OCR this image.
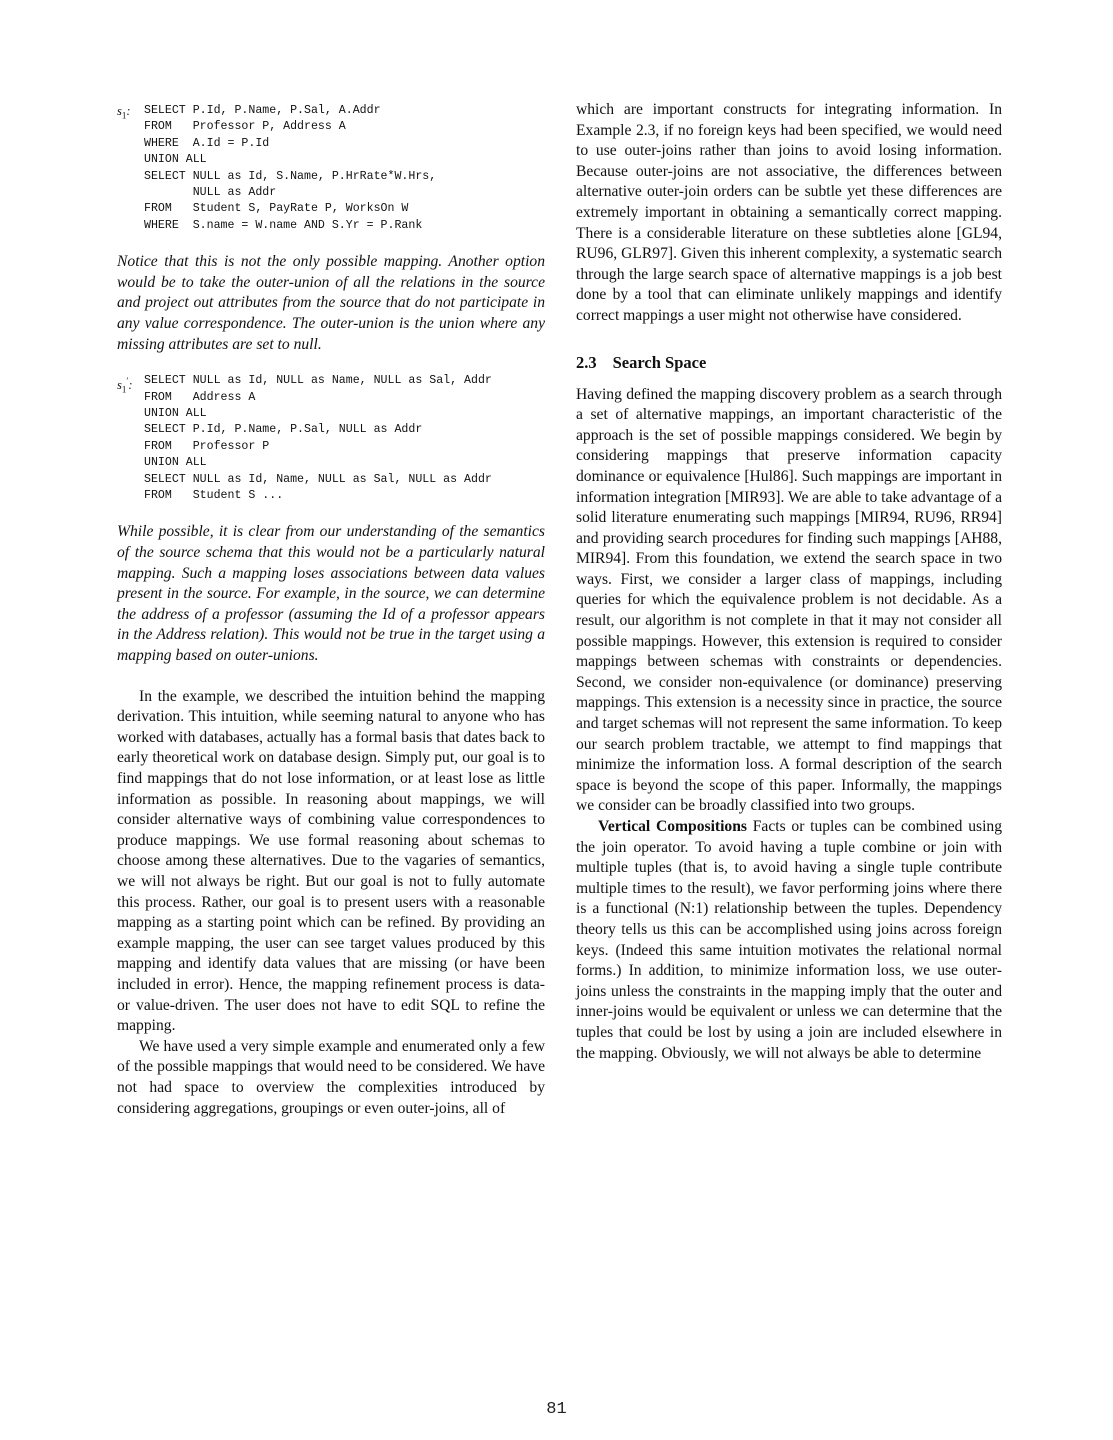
$s_1$: SELECT P.Id, P.Name, P.Sal, A.Addr
FROM   Professor P, Address A
WHERE  A.Id = P.Id
UNION ALL
SELECT NULL as Id, S.Name, P.HrRate*W.Hrs,
NULL as Addr
FROM   Student S, PayRate P, WorksOn W
WHERE  S.name = W.name AND S.Yr = P.Rank

Notice that this is not the only possible mapping. Another option would be to take the outer-union of all the relations in the source and project out attributes from the source that do not participate in any value correspondence. The outer-union is the union where any missing attributes are set to null.

$s_1'$: SELECT NULL as Id, NULL as Name, NULL as Sal, Addr
FROM   Address A
UNION ALL
SELECT P.Id, P.Name, P.Sal, NULL as Addr
FROM   Professor P
UNION ALL
SELECT NULL as Id, Name, NULL as Sal, NULL as Addr
FROM   Student S ...

While possible, it is clear from our understanding of the semantics of the source schema that this would not be a particularly natural mapping. Such a mapping loses associations between data values present in the source. For example, in the source, we can determine the address of a professor (assuming the Id of a professor appears in the Address relation). This would not be true in the target using a mapping based on outer-unions.

In the example, we described the intuition behind the mapping derivation. This intuition, while seeming natural to anyone who has worked with databases, actually has a formal basis that dates back to early theoretical work on database design. Simply put, our goal is to find mappings that do not lose information, or at least lose as little information as possible. In reasoning about mappings, we will consider alternative ways of combining value correspondences to produce mappings. We use formal reasoning about schemas to choose among these alternatives. Due to the vagaries of semantics, we will not always be right. But our goal is not to fully automate this process. Rather, our goal is to present users with a reasonable mapping as a starting point which can be refined. By providing an example mapping, the user can see target values produced by this mapping and identify data values that are missing (or have been included in error). Hence, the mapping refinement process is data- or value-driven. The user does not have to edit SQL to refine the mapping.

We have used a very simple example and enumerated only a few of the possible mappings that would need to be considered. We have not had space to overview the complexities introduced by considering aggregations, groupings or even outer-joins, all of

which are important constructs for integrating information. In Example 2.3, if no foreign keys had been specified, we would need to use outer-joins rather than joins to avoid losing information. Because outer-joins are not associative, the differences between alternative outer-join orders can be subtle yet these differences are extremely important in obtaining a semantically correct mapping. There is a considerable literature on these subtleties alone [GL94, RU96, GLR97]. Given this inherent complexity, a systematic search through the large search space of alternative mappings is a job best done by a tool that can eliminate unlikely mappings and identify correct mappings a user might not otherwise have considered.

2.3 Search Space

Having defined the mapping discovery problem as a search through a set of alternative mappings, an important characteristic of the approach is the set of possible mappings considered. We begin by considering mappings that preserve information capacity dominance or equivalence [Hul86]. Such mappings are important in information integration [MIR93]. We are able to take advantage of a solid literature enumerating such mappings [MIR94, RU96, RR94] and providing search procedures for finding such mappings [AH88, MIR94]. From this foundation, we extend the search space in two ways. First, we consider a larger class of mappings, including queries for which the equivalence problem is not decidable. As a result, our algorithm is not complete in that it may not consider all possible mappings. However, this extension is required to consider mappings between schemas with constraints or dependencies. Second, we consider non-equivalence (or dominance) preserving mappings. This extension is a necessity since in practice, the source and target schemas will not represent the same information. To keep our search problem tractable, we attempt to find mappings that minimize the information loss. A formal description of the search space is beyond the scope of this paper. Informally, the mappings we consider can be broadly classified into two groups.

Vertical Compositions Facts or tuples can be combined using the join operator. To avoid having a tuple combine or join with multiple tuples (that is, to avoid having a single tuple contribute multiple times to the result), we favor performing joins where there is a functional (N:1) relationship between the tuples. Dependency theory tells us this can be accomplished using joins across foreign keys. (Indeed this same intuition motivates the relational normal forms.) In addition, to minimize information loss, we use outer-joins unless the constraints in the mapping imply that the outer and inner-joins would be equivalent or unless we can determine that the tuples that could be lost by using a join are included elsewhere in the mapping. Obviously, we will not always be able to determine

81
